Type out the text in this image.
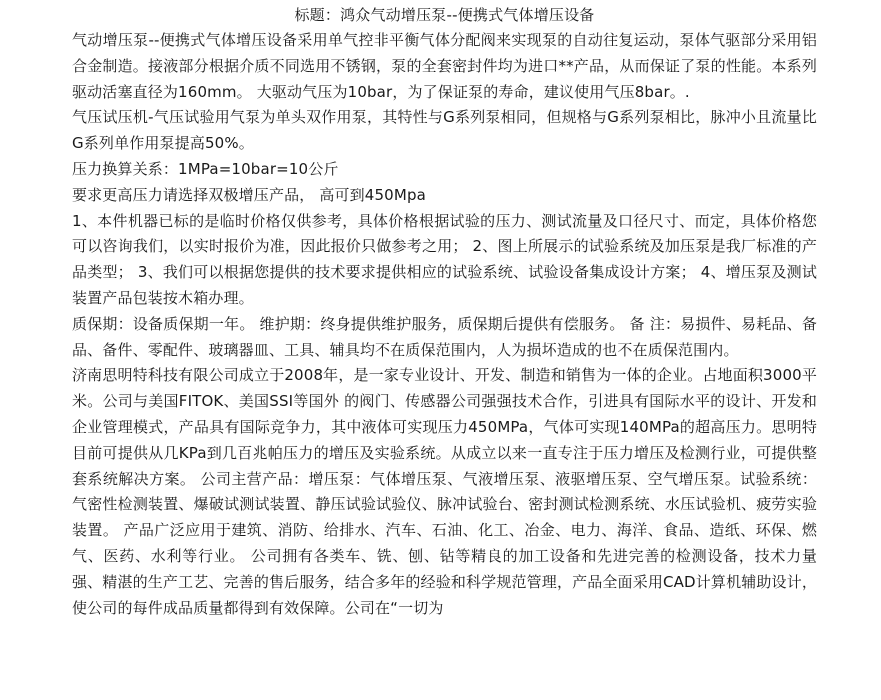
标题：鸿众气动增压泵--便携式气体增压设备

气动增压泵--便携式气体增压设备采用单气控非平衡气体分配阀来实现泵的自动往复运动，泵体气驱部分采用铝合金制造。接液部分根据介质不同选用不锈钢，泵的全套密封件均为进口**产品，从而保证了泵的性能。本系列驱动活塞直径为160mm。 大驱动气压为10bar，为了保证泵的寿命，建议使用气压8bar。.

气压试压机-气压试验用气泵为单头双作用泵，其特性与G系列泵相同，但规格与G系列泵相比，脉冲小且流量比G系列单作用泵提高50%。

压力换算关系：1MPa=10bar=10公斤

要求更高压力请选择双极增压产品， 高可到450Mpa

1、本件机器已标的是临时价格仅供参考，具体价格根据试验的压力、测试流量及口径尺寸、而定，具体价格您可以咨询我们，以实时报价为准，因此报价只做参考之用； 2、图上所展示的试验系统及加压泵是我厂标准的产品类型； 3、我们可以根据您提供的技术要求提供相应的试验系统、试验设备集成设计方案； 4、增压泵及测试装置产品包装按木箱办理。

质保期：设备质保期一年。 维护期：终身提供维护服务，质保期后提供有偿服务。 备 注：易损件、易耗品、备品、备件、零配件、玻璃器皿、工具、辅具均不在质保范围内，人为损坏造成的也不在质保范围内。

济南思明特科技有限公司成立于2008年，是一家专业设计、开发、制造和销售为一体的企业。占地面积3000平米。公司与美国FITOK、美国SSI等国外 的阀门、传感器公司强强技术合作，引进具有国际水平的设计、开发和企业管理模式，产品具有国际竞争力，其中液体可实现压力450MPa，气体可实现140MPa的超高压力。思明特目前可提供从几KPa到几百兆帕压力的增压及实验系统。从成立以来一直专注于压力增压及检测行业，可提供整套系统解决方案。 公司主营产品：增压泵：气体增压泵、气液增压泵、液驱增压泵、空气增压泵。试验系统：气密性检测装置、爆破试测试装置、静压试验试验仪、脉冲试验台、密封测试检测系统、水压试验机、疲劳实验装置。 产品广泛应用于建筑、消防、给排水、汽车、石油、化工、冶金、电力、海洋、食品、造纸、环保、燃气、医药、水利等行业。 公司拥有各类车、铣、刨、钻等精良的加工设备和先进完善的检测设备，技术力量强、精湛的生产工艺、完善的售后服务，结合多年的经验和科学规范管理，产品全面采用CAD计算机辅助设计，使公司的每件成品质量都得到有效保障。公司在“一切为
